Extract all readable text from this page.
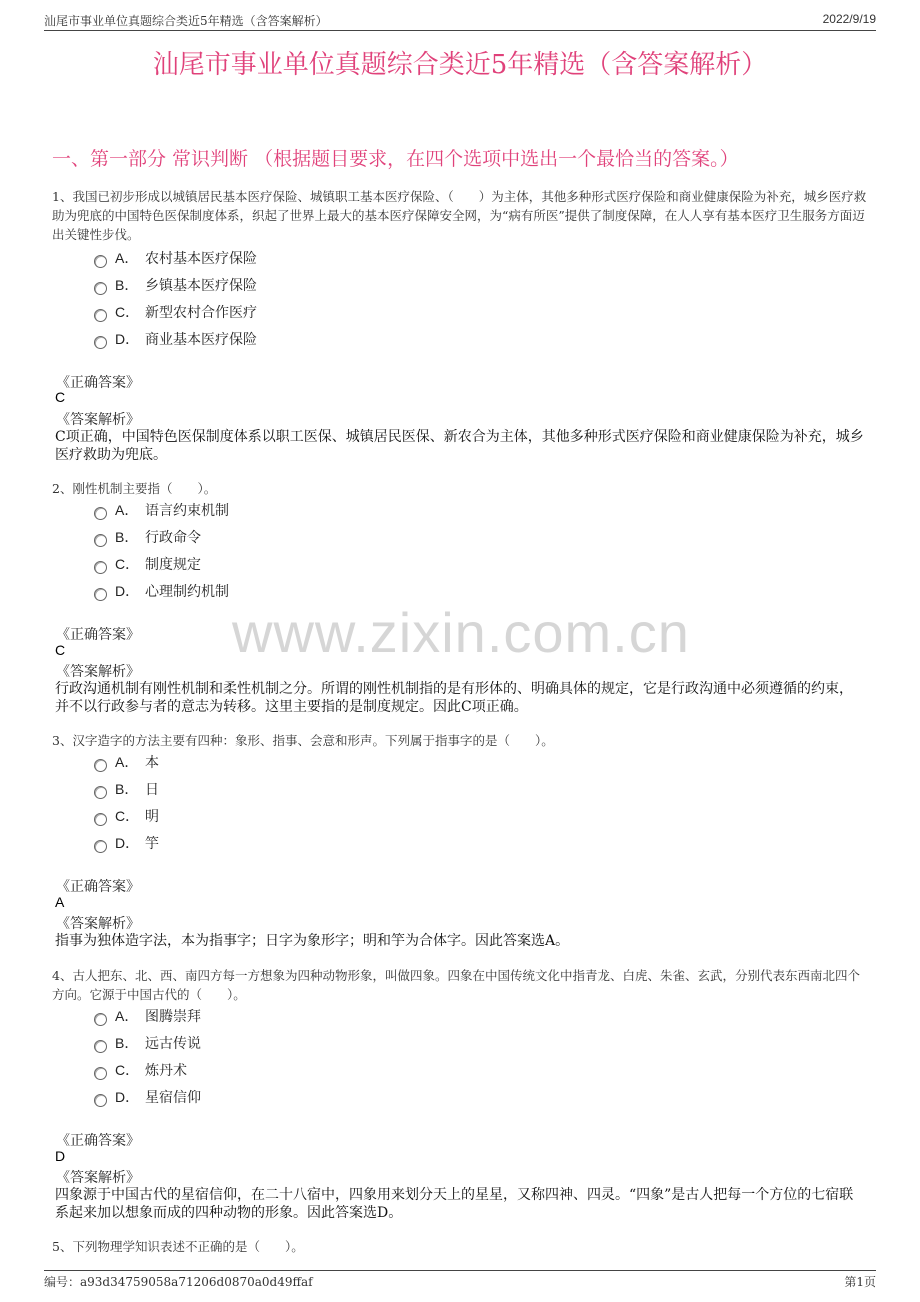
汕尾市事业单位真题综合类近5年精选（含答案解析）	2022/9/19
汕尾市事业单位真题综合类近5年精选（含答案解析）
一、第一部分 常识判断 （根据题目要求，在四个选项中选出一个最恰当的答案。）
www.zixin.com.cn
1、我国已初步形成以城镇居民基本医疗保险、城镇职工基本医疗保险、（　　）为主体，其他多种形式医疗保险和商业健康保险为补充，城乡医疗救助为兜底的中国特色医保制度体系，织起了世界上最大的基本医疗保障安全网，为“病有所医”提供了制度保障，在人人享有基本医疗卫生服务方面迈出关键性步伐。
A． 农村基本医疗保险
B． 乡镇基本医疗保险
C． 新型农村合作医疗
D． 商业基本医疗保险
《正确答案》
C
《答案解析》
C项正确，中国特色医保制度体系以职工医保、城镇居民医保、新农合为主体，其他多种形式医疗保险和商业健康保险为补充，城乡医疗救助为兜底。
2、刚性机制主要指（　　）。
A． 语言约束机制
B． 行政命令
C． 制度规定
D． 心理制约机制
《正确答案》
C
《答案解析》
行政沟通机制有刚性机制和柔性机制之分。所谓的刚性机制指的是有形体的、明确具体的规定，它是行政沟通中必须遵循的约束，并不以行政参与者的意志为转移。这里主要指的是制度规定。因此C项正确。
3、汉字造字的方法主要有四种：象形、指事、会意和形声。下列属于指事字的是（　　）。
A． 本
B． 日
C． 明
D． 竽
《正确答案》
A
《答案解析》
指事为独体造字法，本为指事字；日字为象形字；明和竽为合体字。因此答案选A。
4、古人把东、北、西、南四方每一方想象为四种动物形象，叫做四象。四象在中国传统文化中指青龙、白虎、朱雀、玄武，分别代表东西南北四个方向。它源于中国古代的（　　）。
A． 图腾崇拜
B． 远古传说
C． 炼丹术
D． 星宿信仰
《正确答案》
D
《答案解析》
四象源于中国古代的星宿信仰，在二十八宿中，四象用来划分天上的星星，又称四神、四灵。“四象”是古人把每一个方位的七宿联系起来加以想象而成的四种动物的形象。因此答案选D。
5、下列物理学知识表述不正确的是（　　）。
编号：a93d34759058a71206d0870a0d49ffaf	第1页
